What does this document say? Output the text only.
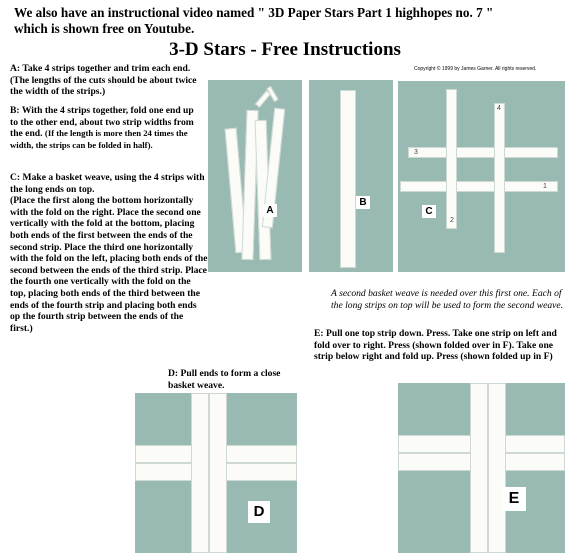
We also have an instructional video named " 3D Paper Stars Part 1 highhopes no. 7 "
which is shown free on Youtube.
3-D Stars - Free Instructions
Copyright © 1999 by James Garner. All rights reserved.
A: Take 4 strips together and trim each end. (The lengths of the cuts should be about twice the width of the strips.)
B: With the 4 strips together, fold one end up to the other end, about two strip widths from the end. (If the length is more then 24 times the width, the strips can be folded in half).
C: Make a basket weave, using the 4 strips with the long ends on top.
(Place the first along the bottom horizontally with the fold on the right. Place the second one vertically with the fold at the bottom, placing both ends of the first between the ends of the second strip. Place the third one horizontally with the fold on the left, placing both ends of the second between the ends of the third strip. Place the fourth one vertically with the fold on the top, placing both ends of the third between the ends of the fourth strip and placing both ends op the fourth strip between the ends of the first.)
D: Pull ends to form a close basket weave.
A second basket weave is needed over this first one. Each of the long strips on top will be used to form the second weave.
E: Pull one top strip down. Press. Take one strip on left and fold over to right. Press (shown folded over in F). Take one strip below right and fold up. Press (shown folded up in F)
A
B
1
2
3
4
C
D
E
